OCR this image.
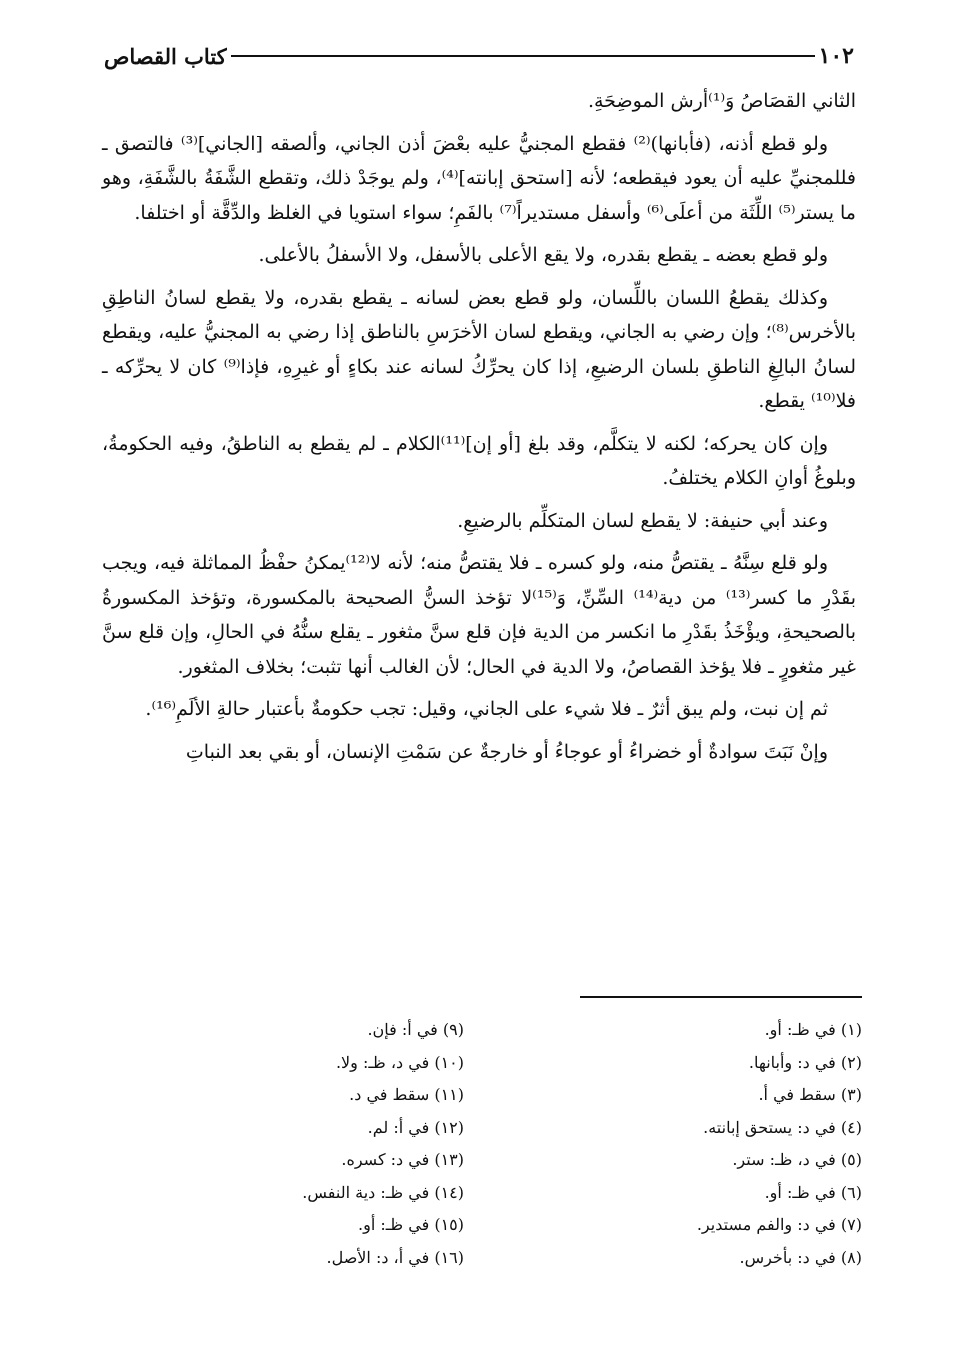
١٠٢
كتاب القصاص

الثاني القصَاصُ وَ⁽¹⁾أرش الموضِحَةِ.

ولو قطع أذنه، (فأبانها)⁽²⁾ فقطع المجنيُّ عليه بعْضَ أذن الجاني، وألصقه [الجاني]⁽³⁾ فالتصق ـ فللمجنيِّ عليه أن يعود فيقطعه؛ لأنه [استحق إبانته]⁽⁴⁾، ولم يوجَدْ ذلك، وتقطع الشَّفَةُ بالشَّفَةِ، وهو ما يستر⁽⁵⁾ اللِّثَة من أعلَى⁽⁶⁾ وأسفل مستديراً⁽⁷⁾ بالفَمِ؛ سواء استويا في الغلظ والدِّقَّة أو اختلفا.

ولو قطع بعضه ـ يقطع بقدره، ولا يقع الأعلى بالأسفل، ولا الأسفلُ بالأعلى.

وكذلك يقطعُ اللسان باللِّسان، ولو قطع بعض لسانه ـ يقطع بقدره، ولا يقطع لسانُ الناطِقِ بالأخرس⁽⁸⁾؛ وإن رضي به الجاني، ويقطع لسان الأخرَسِ بالناطق إذا رضي به المجنيُّ عليه، ويقطع لسانُ البالِغِ الناطقِ بلسان الرضيعِ، إذا كان يحرِّكُ لسانه عند بكاءٍ أو غيرِهِ، فإذا⁽⁹⁾ كان لا يحرِّكه ـ فلا⁽¹⁰⁾ يقطع.

وإن كان يحركه؛ لكنه لا يتكلَّم، وقد بلغ [أو إن]⁽¹¹⁾الكلام ـ لم يقطع به الناطقُ، وفيه الحكومةُ، وبلوغُ أوانِ الكلام يختلفُ.

وعند أبي حنيفة: لا يقطع لسان المتكلِّم بالرضيعِ.

ولو قلع سِنَّهُ ـ يقتصُّ منه، ولو كسره ـ فلا يقتصُّ منه؛ لأنه لا⁽¹²⁾يمكنُ حفْظُ المماثلة فيه، ويجب بقَدْرِ ما كسر⁽¹³⁾ من دية⁽¹⁴⁾ السِّنِّ، وَ⁽¹⁵⁾لا تؤخذ السنُّ الصحيحة بالمكسورة، وتؤخذ المكسورةُ بالصحيحةِ، ويؤْخَذُ بقَدْرِ ما انكسر من الدية فإن قلع سنَّ مثغور ـ يقلع سنُّهُ في الحالِ، وإن قلع سنَّ غير مثغورٍ ـ فلا يؤخذ القصاصُ، ولا الدية في الحال؛ لأن الغالب أنها تثبت؛ بخلاف المثغور.

ثم إن نبت، ولم يبق أثرٌ ـ فلا شيء على الجاني، وقيل: تجب حكومةٌ بأعتبار حالةِ الألَمِ⁽¹⁶⁾.

وإنْ نَبَتَ سوادةٌ أو خضراءُ أو عوجاءُ أو خارجةٌ عن سَمْتِ الإنسان، أو بقي بعد النباتِ

(١) في ظـ: أو.
(٢) في د: وأبانها.
(٣) سقط في أ.
(٤) في د: يستحق إبانته.
(٥) في د، ظـ: ستر.
(٦) في ظـ: أو.
(٧) في د: والفم مستدير.
(٨) في د: بأخرس.
(٩) في أ: فإن.
(١٠) في د، ظـ: ولا.
(١١) سقط في د.
(١٢) في أ: لم.
(١٣) في د: كسره.
(١٤) في ظـ: دية النفس.
(١٥) في ظـ: أو.
(١٦) في أ، د: الأصل.
